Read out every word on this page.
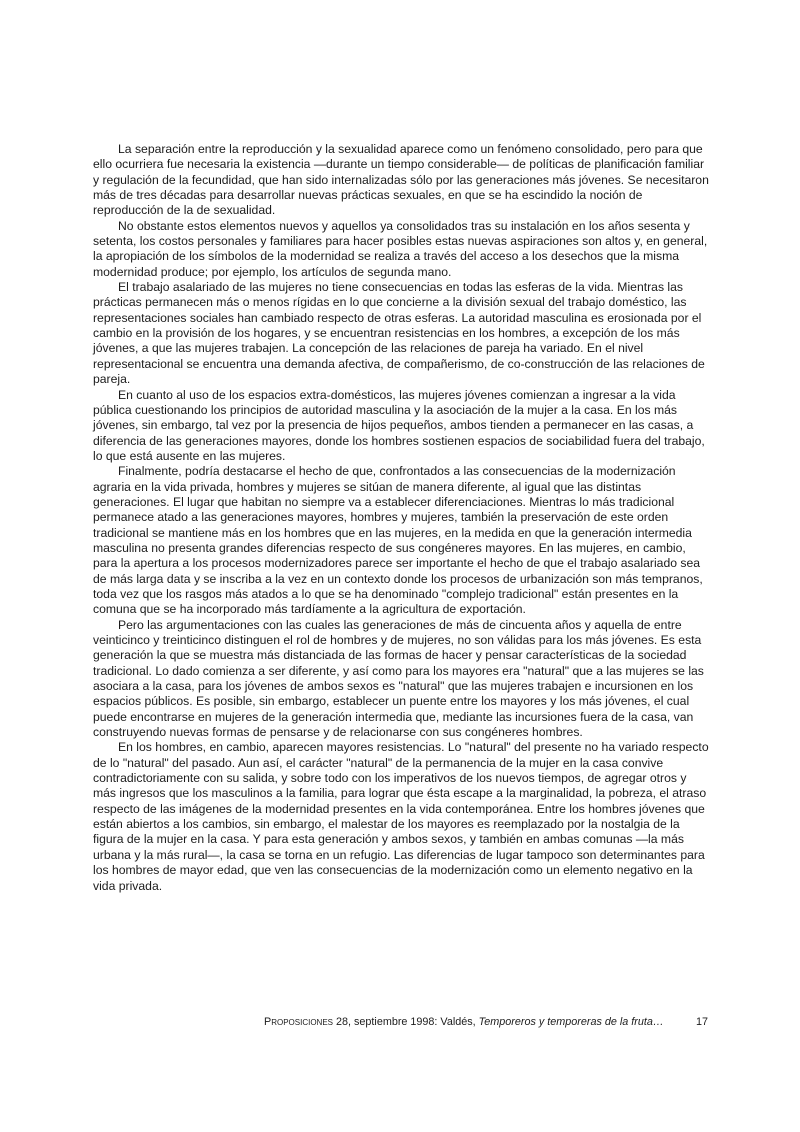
La separación entre la reproducción y la sexualidad aparece como un fenómeno consolidado, pero para que ello ocurriera fue necesaria la existencia —durante un tiempo considerable— de políticas de planificación familiar y regulación de la fecundidad, que han sido internalizadas sólo por las generaciones más jóvenes. Se necesitaron más de tres décadas para desarrollar nuevas prácticas sexuales, en que se ha escindido la noción de reproducción de la de sexualidad.

No obstante estos elementos nuevos y aquellos ya consolidados tras su instalación en los años sesenta y setenta, los costos personales y familiares para hacer posibles estas nuevas aspiraciones son altos y, en general, la apropiación de los símbolos de la modernidad se realiza a través del acceso a los desechos que la misma modernidad produce; por ejemplo, los artículos de segunda mano.

El trabajo asalariado de las mujeres no tiene consecuencias en todas las esferas de la vida. Mientras las prácticas permanecen más o menos rígidas en lo que concierne a la división sexual del trabajo doméstico, las representaciones sociales han cambiado respecto de otras esferas. La autoridad masculina es erosionada por el cambio en la provisión de los hogares, y se encuentran resistencias en los hombres, a excepción de los más jóvenes, a que las mujeres trabajen. La concepción de las relaciones de pareja ha variado. En el nivel representacional se encuentra una demanda afectiva, de compañerismo, de co-construcción de las relaciones de pareja.

En cuanto al uso de los espacios extra-domésticos, las mujeres jóvenes comienzan a ingresar a la vida pública cuestionando los principios de autoridad masculina y la asociación de la mujer a la casa. En los más jóvenes, sin embargo, tal vez por la presencia de hijos pequeños, ambos tienden a permanecer en las casas, a diferencia de las generaciones mayores, donde los hombres sostienen espacios de sociabilidad fuera del trabajo, lo que está ausente en las mujeres.

Finalmente, podría destacarse el hecho de que, confrontados a las consecuencias de la modernización agraria en la vida privada, hombres y mujeres se sitúan de manera diferente, al igual que las distintas generaciones. El lugar que habitan no siempre va a establecer diferenciaciones. Mientras lo más tradicional permanece atado a las generaciones mayores, hombres y mujeres, también la preservación de este orden tradicional se mantiene más en los hombres que en las mujeres, en la medida en que la generación intermedia masculina no presenta grandes diferencias respecto de sus congéneres mayores. En las mujeres, en cambio, para la apertura a los procesos modernizadores parece ser importante el hecho de que el trabajo asalariado sea de más larga data y se inscriba a la vez en un contexto donde los procesos de urbanización son más tempranos, toda vez que los rasgos más atados a lo que se ha denominado "complejo tradicional" están presentes en la comuna que se ha incorporado más tardíamente a la agricultura de exportación.

Pero las argumentaciones con las cuales las generaciones de más de cincuenta años y aquella de entre veinticinco y treinticinco distinguen el rol de hombres y de mujeres, no son válidas para los más jóvenes. Es esta generación la que se muestra más distanciada de las formas de hacer y pensar características de la sociedad tradicional. Lo dado comienza a ser diferente, y así como para los mayores era "natural" que a las mujeres se las asociara a la casa, para los jóvenes de ambos sexos es "natural" que las mujeres trabajen e incursionen en los espacios públicos. Es posible, sin embargo, establecer un puente entre los mayores y los más jóvenes, el cual puede encontrarse en mujeres de la generación intermedia que, mediante las incursiones fuera de la casa, van construyendo nuevas formas de pensarse y de relacionarse con sus congéneres hombres.

En los hombres, en cambio, aparecen mayores resistencias. Lo "natural" del presente no ha variado respecto de lo "natural" del pasado. Aun así, el carácter "natural" de la permanencia de la mujer en la casa convive contradictoriamente con su salida, y sobre todo con los imperativos de los nuevos tiempos, de agregar otros y más ingresos que los masculinos a la familia, para lograr que ésta escape a la marginalidad, la pobreza, el atraso respecto de las imágenes de la modernidad presentes en la vida contemporánea. Entre los hombres jóvenes que están abiertos a los cambios, sin embargo, el malestar de los mayores es reemplazado por la nostalgia de la figura de la mujer en la casa. Y para esta generación y ambos sexos, y también en ambas comunas —la más urbana y la más rural—, la casa se torna en un refugio. Las diferencias de lugar tampoco son determinantes para los hombres de mayor edad, que ven las consecuencias de la modernización como un elemento negativo en la vida privada.

Proposiciones 28, septiembre 1998: Valdés, Temporeros y temporeras de la fruta…	17
